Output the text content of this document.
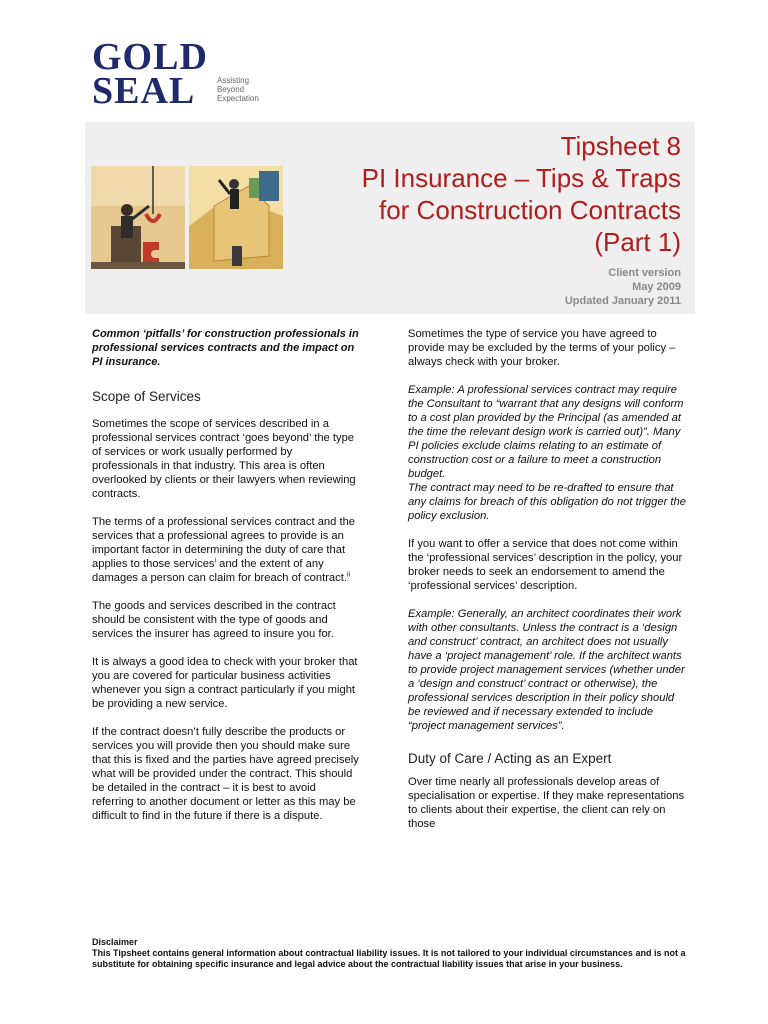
GOLD
SEAL	Assisting
Beyond
Expectation
Tipsheet 8
PI Insurance – Tips & Traps
for Construction Contracts
(Part 1)
Client version
May 2009
Updated January 2011

Common ‘pitfalls’ for construction professionals in professional services contracts and the impact on PI insurance.

Scope of Services

Sometimes the scope of services described in a professional services contract ‘goes beyond’ the type of services or work usually performed by professionals in that industry. This area is often overlooked by clients or their lawyers when reviewing contracts.

The terms of a professional services contract and the services that a professional agrees to provide is an important factor in determining the duty of care that applies to those services$^i$ and the extent of any damages a person can claim for breach of contract.$^{ii}$

The goods and services described in the contract should be consistent with the type of goods and services the insurer has agreed to insure you for.

It is always a good idea to check with your broker that you are covered for particular business activities whenever you sign a contract particularly if you might be providing a new service.

If the contract doesn’t fully describe the products or services you will provide then you should make sure that this is fixed and the parties have agreed precisely what will be provided under the contract. This should be detailed in the contract – it is best to avoid referring to another document or letter as this may be difficult to find in the future if there is a dispute.

Sometimes the type of service you have agreed to provide may be excluded by the terms of your policy – always check with your broker.

Example: A professional services contract may require the Consultant to “warrant that any designs will conform to a cost plan provided by the Principal (as amended at the time the relevant design work is carried out)”. Many PI policies exclude claims relating to an estimate of construction cost or a failure to meet a construction budget.

The contract may need to be re-drafted to ensure that any claims for breach of this obligation do not trigger the policy exclusion.

If you want to offer a service that does not come within the ‘professional services’ description in the policy, your broker needs to seek an endorsement to amend the ‘professional services’ description.

Example: Generally, an architect coordinates their work with other consultants. Unless the contract is a ‘design and construct’ contract, an architect does not usually have a ‘project management’ role. If the architect wants to provide project management services (whether under a ‘design and construct’ contract or otherwise), the professional services description in their policy should be reviewed and if necessary extended to include “project management services”.

Duty of Care / Acting as an Expert

Over time nearly all professionals develop areas of specialisation or expertise. If they make representations to clients about their expertise, the client can rely on those

Disclaimer
This Tipsheet contains general information about contractual liability issues. It is not tailored to your individual circumstances and is not a substitute for obtaining specific insurance and legal advice about the contractual liability issues that arise in your business.
